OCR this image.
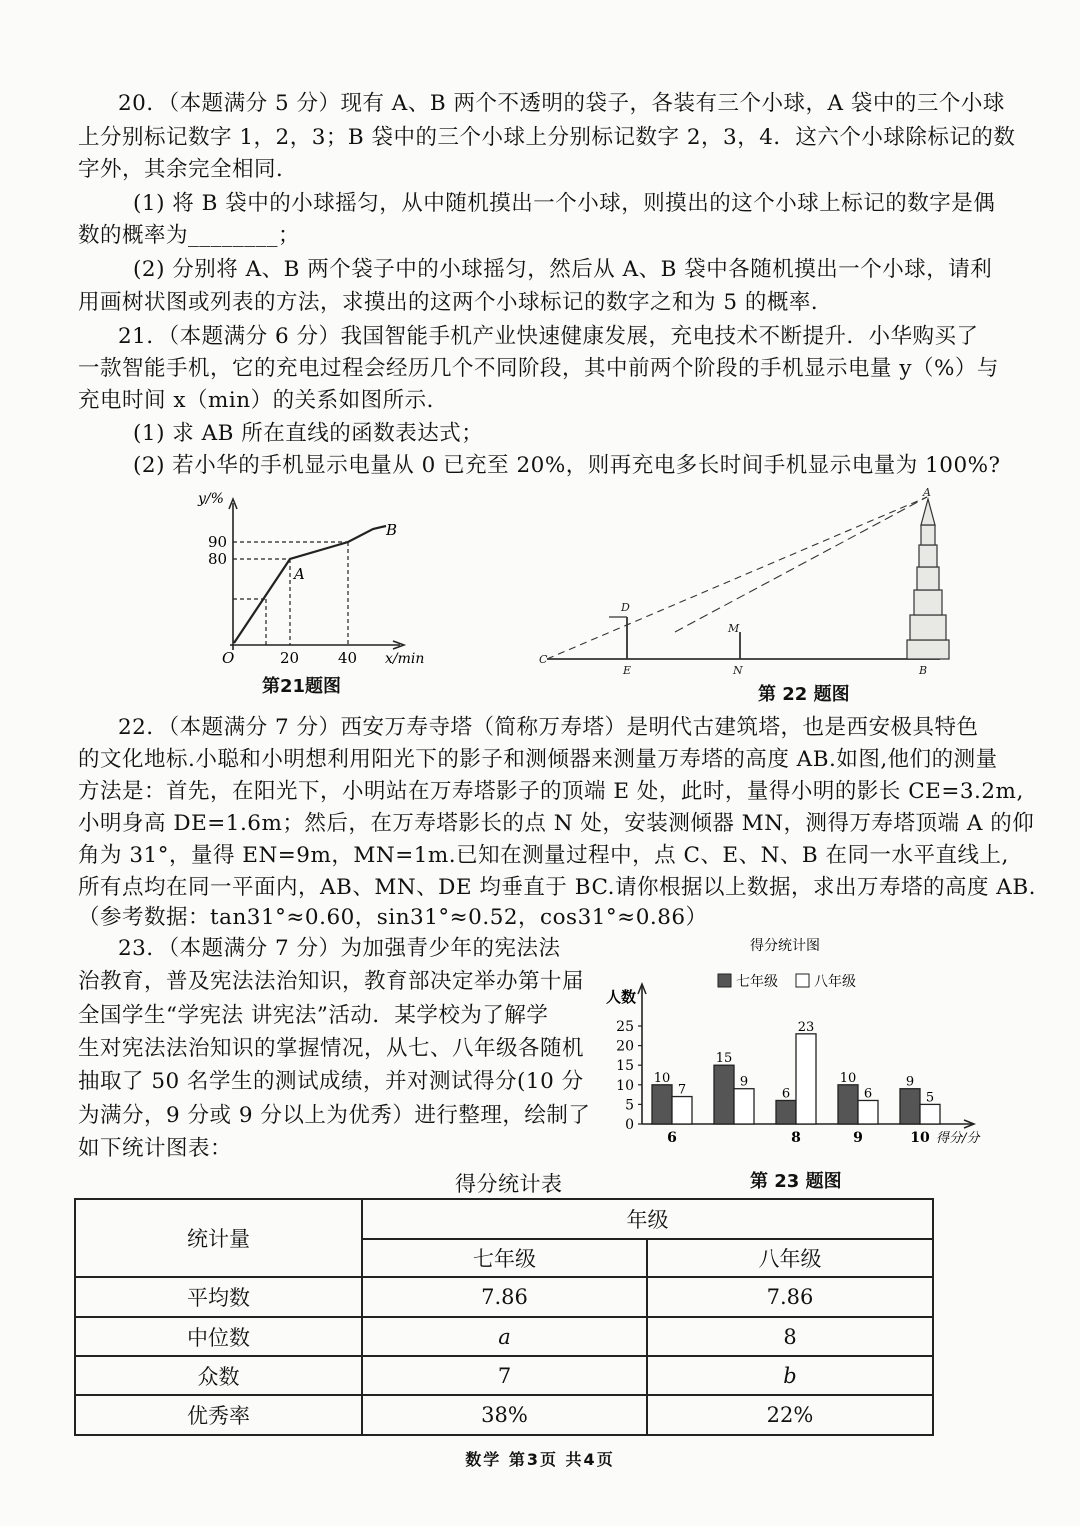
20．（本题满分 5 分）现有 A、B 两个不透明的袋子，各装有三个小球，A 袋中的三个小球
上分别标记数字 1，2，3；B 袋中的三个小球上分别标记数字 2，3，4．这六个小球除标记的数
字外，其余完全相同．
(1) 将 B 袋中的小球摇匀，从中随机摸出一个小球，则摸出的这个小球上标记的数字是偶
数的概率为________；
(2) 分别将 A、B 两个袋子中的小球摇匀，然后从 A、B 袋中各随机摸出一个小球，请利
用画树状图或列表的方法，求摸出的这两个小球标记的数字之和为 5 的概率．
21．（本题满分 6 分）我国智能手机产业快速健康发展，充电技术不断提升．小华购买了
一款智能手机，它的充电过程会经历几个不同阶段，其中前两个阶段的手机显示电量 y（%）与
充电时间 x（min）的关系如图所示．
(1) 求 AB 所在直线的函数表达式；
(2) 若小华的手机显示电量从 0 已充至 20%，则再充电多长时间手机显示电量为 100%?
y/%
90
80
O	20	40 x/min
A
B
第21题图
C
D
E
M
N
A
B
第 22 题图
22．（本题满分 7 分）西安万寿寺塔（简称万寿塔）是明代古建筑塔，也是西安极具特色
的文化地标.小聪和小明想利用阳光下的影子和测倾器来测量万寿塔的高度 AB.如图,他们的测量
方法是：首先，在阳光下，小明站在万寿塔影子的顶端 E 处，此时，量得小明的影长 CE=3.2m,
小明身高 DE=1.6m；然后，在万寿塔影长的点 N 处，安装测倾器 MN，测得万寿塔顶端 A 的仰
角为 31°，量得 EN=9m，MN=1m.已知在测量过程中，点 C、E、N、B 在同一水平直线上,
所有点均在同一平面内，AB、MN、DE 均垂直于 BC.请你根据以上数据，求出万寿塔的高度 AB.
（参考数据：tan31°≈0.60，sin31°≈0.52，cos31°≈0.86）
23．（本题满分 7 分）为加强青少年的宪法法
治教育，普及宪法法治知识，教育部决定举办第十届
全国学生“学宪法 讲宪法”活动．某学校为了解学
生对宪法法治知识的掌握情况，从七、八年级各随机
抽取了 50 名学生的测试成绩，并对测试得分(10 分
为满分，9 分或 9 分以上为优秀）进行整理，绘制了
如下统计图表：
得分统计图
七年级	八年级
人数
得分/分
25
20
15
10
5
0
10
7
6
15
9
6
23
8
10
6
9
9
5
10
第 23 题图
得分统计表
统计量	年级	
	七年级	八年级
平均数	7.86	7.86
中位数	a	8
众数	7	b
优秀率	38%	22%
数学 第3页 共4页
